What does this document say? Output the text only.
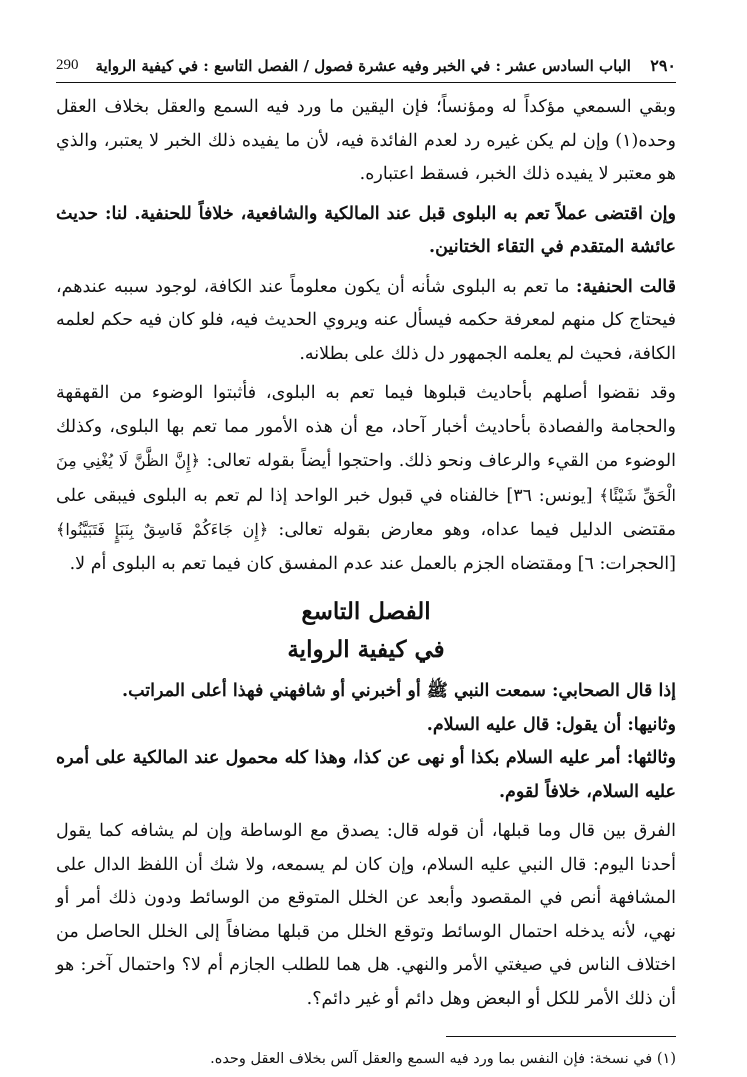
٢٩٠ الباب السادس عشر : في الخبر وفيه عشرة فصول / الفصل التاسع : في كيفية الرواية
290

وبقي السمعي مؤكداً له ومؤنساً؛ فإن اليقين ما ورد فيه السمع والعقل بخلاف العقل وحده(١) وإن لم يكن غيره رد لعدم الفائدة فيه، لأن ما يفيده ذلك الخبر لا يعتبر، والذي هو معتبر لا يفيده ذلك الخبر، فسقط اعتباره.

وإن اقتضى عملاً تعم به البلوى قبل عند المالكية والشافعية، خلافاً للحنفية. لنا: حديث عائشة المتقدم في التقاء الختانين.

قالت الحنفية: ما تعم به البلوى شأنه أن يكون معلوماً عند الكافة، لوجود سببه عندهم، فيحتاج كل منهم لمعرفة حكمه فيسأل عنه ويروي الحديث فيه، فلو كان فيه حكم لعلمه الكافة، فحيث لم يعلمه الجمهور دل ذلك على بطلانه.

وقد نقضوا أصلهم بأحاديث قبلوها فيما تعم به البلوى، فأثبتوا الوضوء من القهقهة والحجامة والفصادة بأحاديث أخبار آحاد، مع أن هذه الأمور مما تعم بها البلوى، وكذلك الوضوء من القيء والرعاف ونحو ذلك. واحتجوا أيضاً بقوله تعالى: ﴿إِنَّ الظَّنَّ لَا يُغْنِي مِنَ الْحَقِّ شَيْئًا﴾ [يونس: ٣٦] خالفناه في قبول خبر الواحد إذا لم تعم به البلوى فيبقى على مقتضى الدليل فيما عداه، وهو معارض بقوله تعالى: ﴿إِن جَاءَكُمْ فَاسِقٌ بِنَبَإٍ فَتَبَيَّنُوا﴾ [الحجرات: ٦] ومقتضاه الجزم بالعمل عند عدم المفسق كان فيما تعم به البلوى أم لا.

الفصل التاسع

في كيفية الرواية

إذا قال الصحابي: سمعت النبي ﷺ أو أخبرني أو شافهني فهذا أعلى المراتب.

وثانيها: أن يقول: قال عليه السلام.

وثالثها: أمر عليه السلام بكذا أو نهى عن كذا، وهذا كله محمول عند المالكية على أمره عليه السلام، خلافاً لقوم.

الفرق بين قال وما قبلها، أن قوله قال: يصدق مع الوساطة وإن لم يشافه كما يقول أحدنا اليوم: قال النبي عليه السلام، وإن كان لم يسمعه، ولا شك أن اللفظ الدال على المشافهة أنص في المقصود وأبعد عن الخلل المتوقع من الوسائط ودون ذلك أمر أو نهي، لأنه يدخله احتمال الوسائط وتوقع الخلل من قبلها مضافاً إلى الخلل الحاصل من اختلاف الناس في صيغتي الأمر والنهي. هل هما للطلب الجازم أم لا؟ واحتمال آخر: هو أن ذلك الأمر للكل أو البعض وهل دائم أو غير دائم؟.

(١) في نسخة: فإن النفس بما ورد فيه السمع والعقل آلس بخلاف العقل وحده.
